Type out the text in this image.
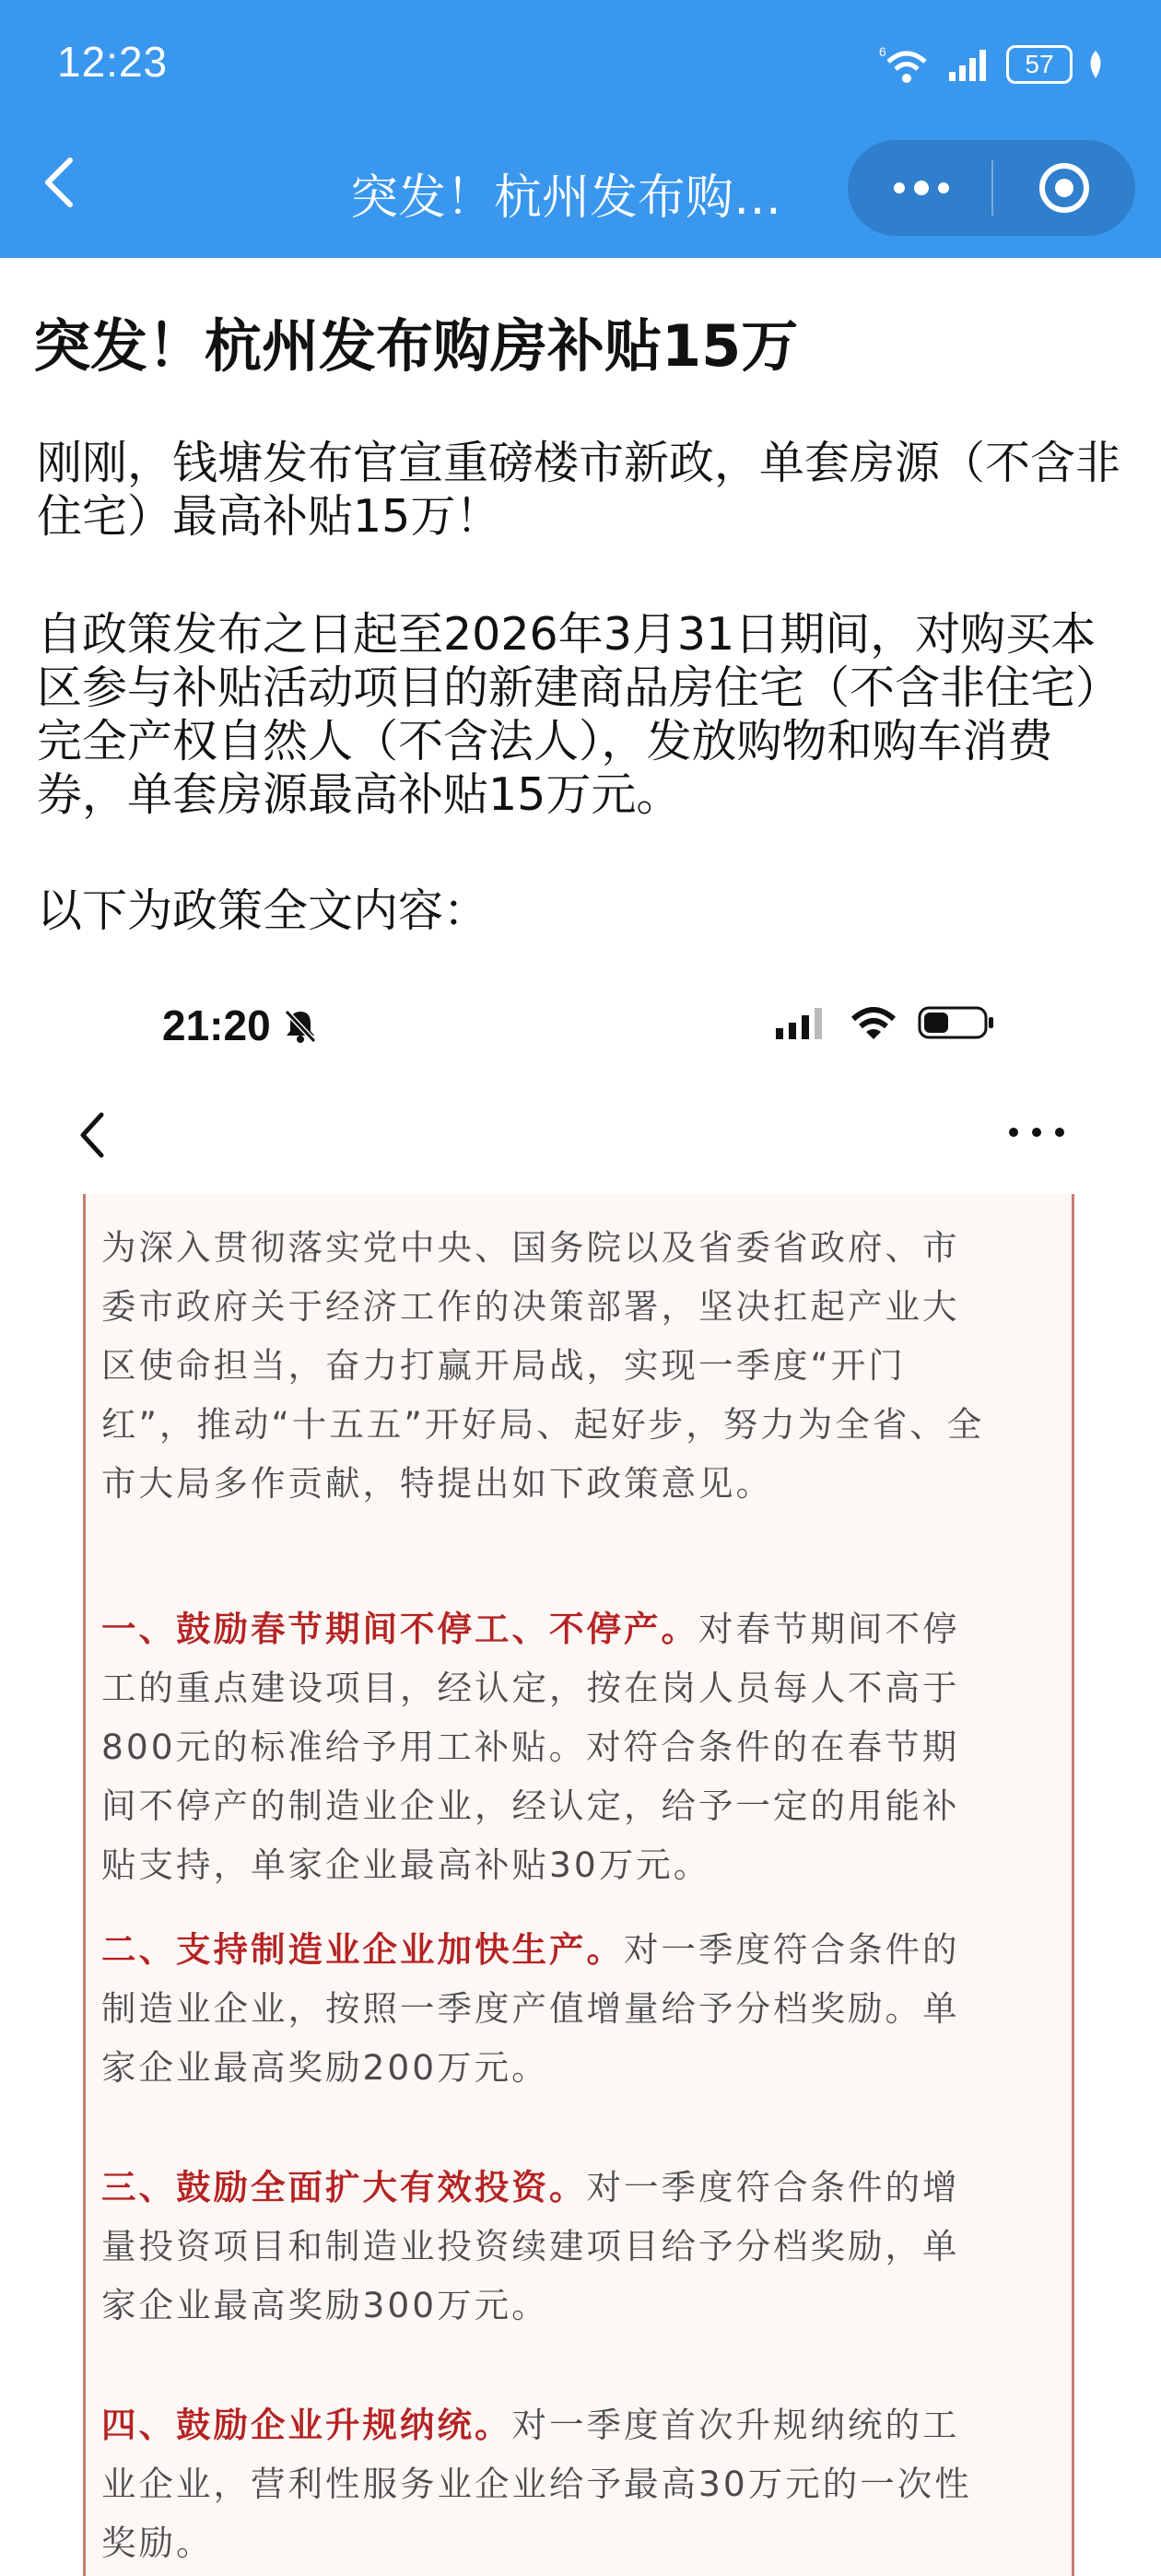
12:23	6	57
突发！杭州发布购…
突发！杭州发布购房补贴15万
刚刚，钱塘发布官宣重磅楼市新政，单套房源（不含非住宅）最高补贴15万！
自政策发布之日起至2026年3月31日期间，对购买本区参与补贴活动项目的新建商品房住宅（不含非住宅）完全产权自然人（不含法人），发放购物和购车消费券，单套房源最高补贴15万元。
以下为政策全文内容：
21:20
为深入贯彻落实党中央、国务院以及省委省政府、市委市政府关于经济工作的决策部署，坚决扛起产业大区使命担当，奋力打赢开局战，实现一季度“开门红”，推动“十五五”开好局、起好步，努力为全省、全市大局多作贡献，特提出如下政策意见。
一、鼓励春节期间不停工、不停产。对春节期间不停工的重点建设项目，经认定，按在岗人员每人不高于800元的标准给予用工补贴。对符合条件的在春节期间不停产的制造业企业，经认定，给予一定的用能补贴支持，单家企业最高补贴30万元。
二、支持制造业企业加快生产。对一季度符合条件的制造业企业，按照一季度产值增量给予分档奖励。单家企业最高奖励200万元。
三、鼓励全面扩大有效投资。对一季度符合条件的增量投资项目和制造业投资续建项目给予分档奖励，单家企业最高奖励300万元。
四、鼓励企业升规纳统。对一季度首次升规纳统的工业企业，营利性服务业企业给予最高30万元的一次性奖励。
